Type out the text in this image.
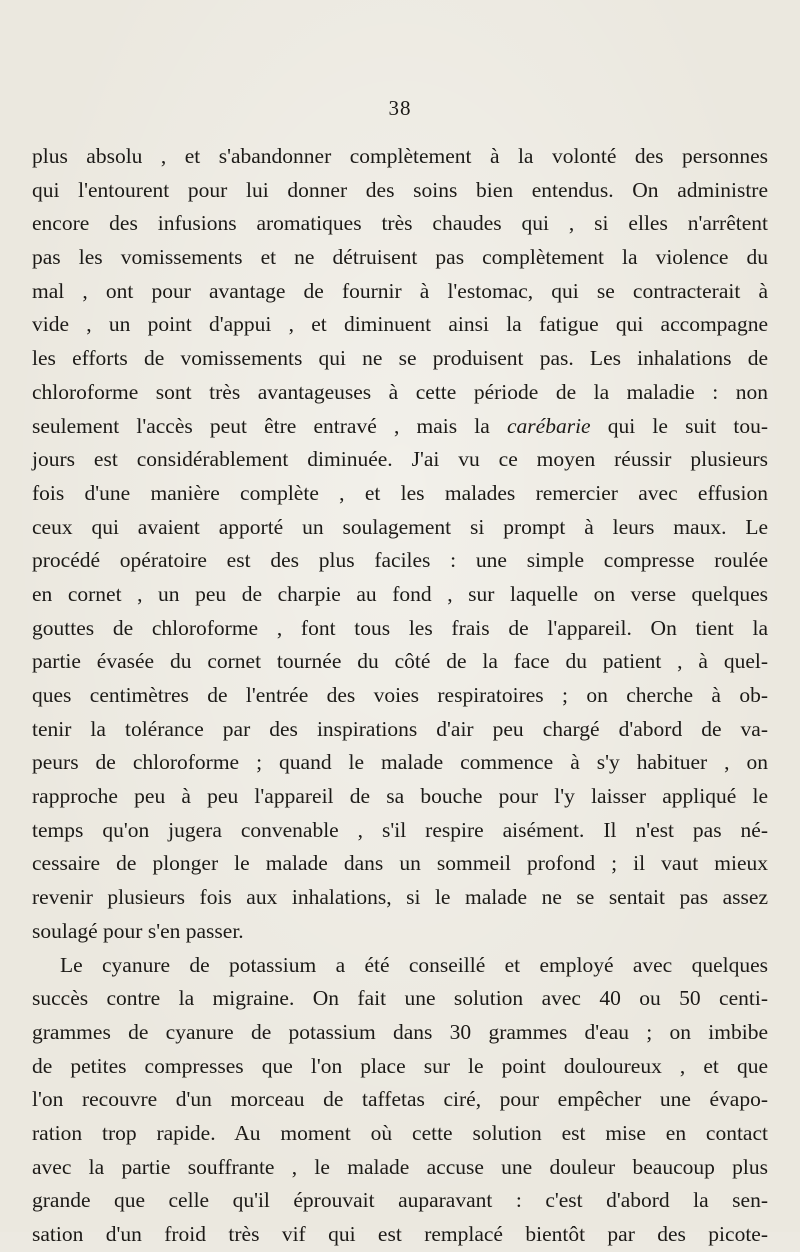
38
plus absolu , et s'abandonner complètement à la volonté des personnes
qui l'entourent pour lui donner des soins bien entendus. On administre
encore des infusions aromatiques très chaudes qui , si elles n'arrêtent
pas les vomissements et ne détruisent pas complètement la violence du
mal , ont pour avantage de fournir à l'estomac, qui se contracterait à
vide , un point d'appui , et diminuent ainsi la fatigue qui accompagne
les efforts de vomissements qui ne se produisent pas. Les inhalations de
chloroforme sont très avantageuses à cette période de la maladie : non
seulement l'accès peut être entravé , mais la carébarie qui le suit tou-
jours est considérablement diminuée. J'ai vu ce moyen réussir plusieurs
fois d'une manière complète , et les malades remercier avec effusion
ceux qui avaient apporté un soulagement si prompt à leurs maux. Le
procédé opératoire est des plus faciles : une simple compresse roulée
en cornet , un peu de charpie au fond , sur laquelle on verse quelques
gouttes de chloroforme , font tous les frais de l'appareil. On tient la
partie évasée du cornet tournée du côté de la face du patient , à quel-
ques centimètres de l'entrée des voies respiratoires ; on cherche à ob-
tenir la tolérance par des inspirations d'air peu chargé d'abord de va-
peurs de chloroforme ; quand le malade commence à s'y habituer , on
rapproche peu à peu l'appareil de sa bouche pour l'y laisser appliqué le
temps qu'on jugera convenable , s'il respire aisément. Il n'est pas né-
cessaire de plonger le malade dans un sommeil profond ; il vaut mieux
revenir plusieurs fois aux inhalations, si le malade ne se sentait pas assez
soulagé pour s'en passer.
Le cyanure de potassium a été conseillé et employé avec quelques
succès contre la migraine. On fait une solution avec 40 ou 50 centi-
grammes de cyanure de potassium dans 30 grammes d'eau ; on imbibe
de petites compresses que l'on place sur le point douloureux , et que
l'on recouvre d'un morceau de taffetas ciré, pour empêcher une évapo-
ration trop rapide. Au moment où cette solution est mise en contact
avec la partie souffrante , le malade accuse une douleur beaucoup plus
grande que celle qu'il éprouvait auparavant : c'est d'abord la sen-
sation d'un froid très vif qui est remplacé bientôt par des picote-
